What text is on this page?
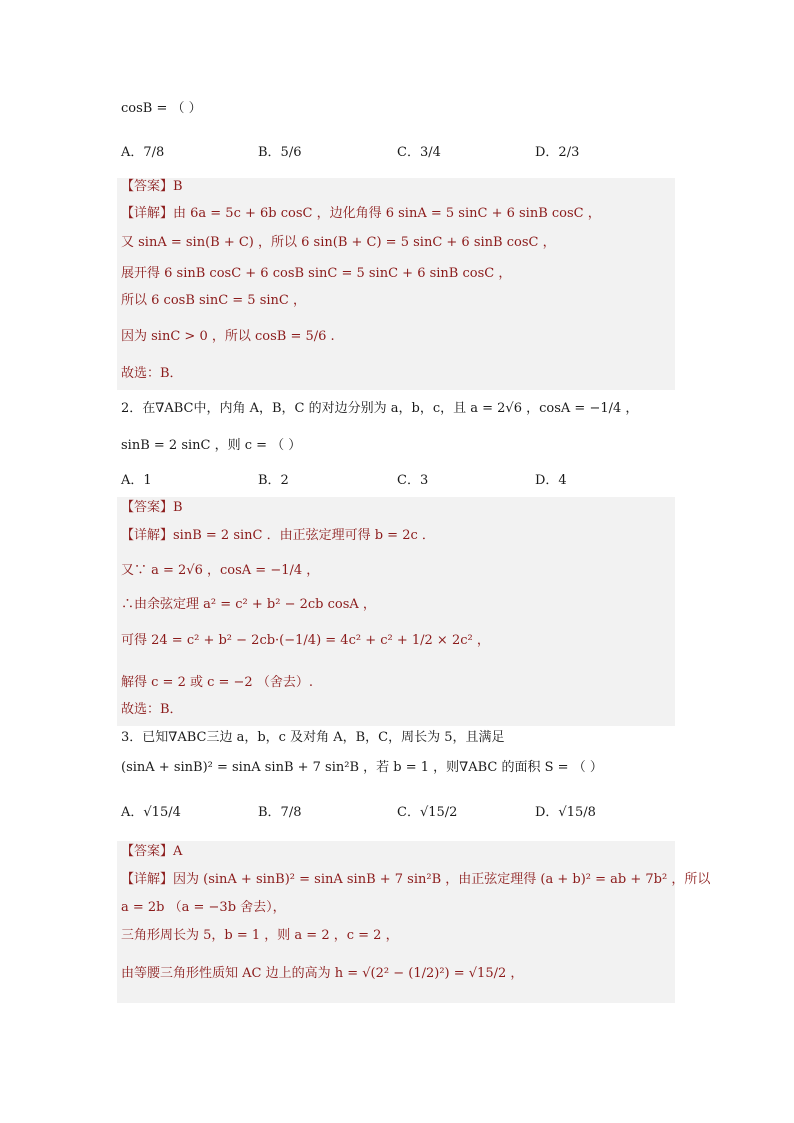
cosB = （ ）
A．7/8	B．5/6	C．3/4	D．2/3
【答案】B
【详解】由 6a = 5c + 6b cosC ，边化角得 6 sinA = 5 sinC + 6 sinB cosC ，
又 sinA = sin(B + C) ，所以 6 sin(B + C) = 5 sinC + 6 sinB cosC ，
展开得 6 sinB cosC + 6 cosB sinC = 5 sinC + 6 sinB cosC ，
所以 6 cosB sinC = 5 sinC ，
因为 sinC > 0 ，所以 cosB = 5/6 .
故选：B．
2．在∇ABC中，内角 A，B，C 的对边分别为 a，b，c，且 a = 2√6 ，cosA = −1/4 ，
sinB = 2 sinC ，则 c = （ ）
A．1	B．2	C．3	D．4
【答案】B
【详解】sinB = 2 sinC ．由正弦定理可得 b = 2c ．
又∵ a = 2√6 ，cosA = −1/4 ，
∴由余弦定理 a² = c² + b² − 2cb cosA ，
可得 24 = c² + b² − 2cb·(−1/4) = 4c² + c² + 1/2 × 2c² ，
解得 c = 2 或 c = −2 （舍去）.
故选：B．
3．已知∇ABC三边 a，b，c 及对角 A，B，C，周长为 5，且满足
(sinA + sinB)² = sinA sinB + 7 sin²B ，若 b = 1 ，则∇ABC 的面积 S = （ ）
A．√15/4	B．7/8	C．√15/2	D．√15/8
【答案】A
【详解】因为 (sinA + sinB)² = sinA sinB + 7 sin²B ，由正弦定理得 (a + b)² = ab + 7b² ，所以
a = 2b （a = −3b 舍去），
三角形周长为 5，b = 1 ，则 a = 2 ，c = 2 ，
由等腰三角形性质知 AC 边上的高为 h = √(2² − (1/2)²) = √15/2 ，
